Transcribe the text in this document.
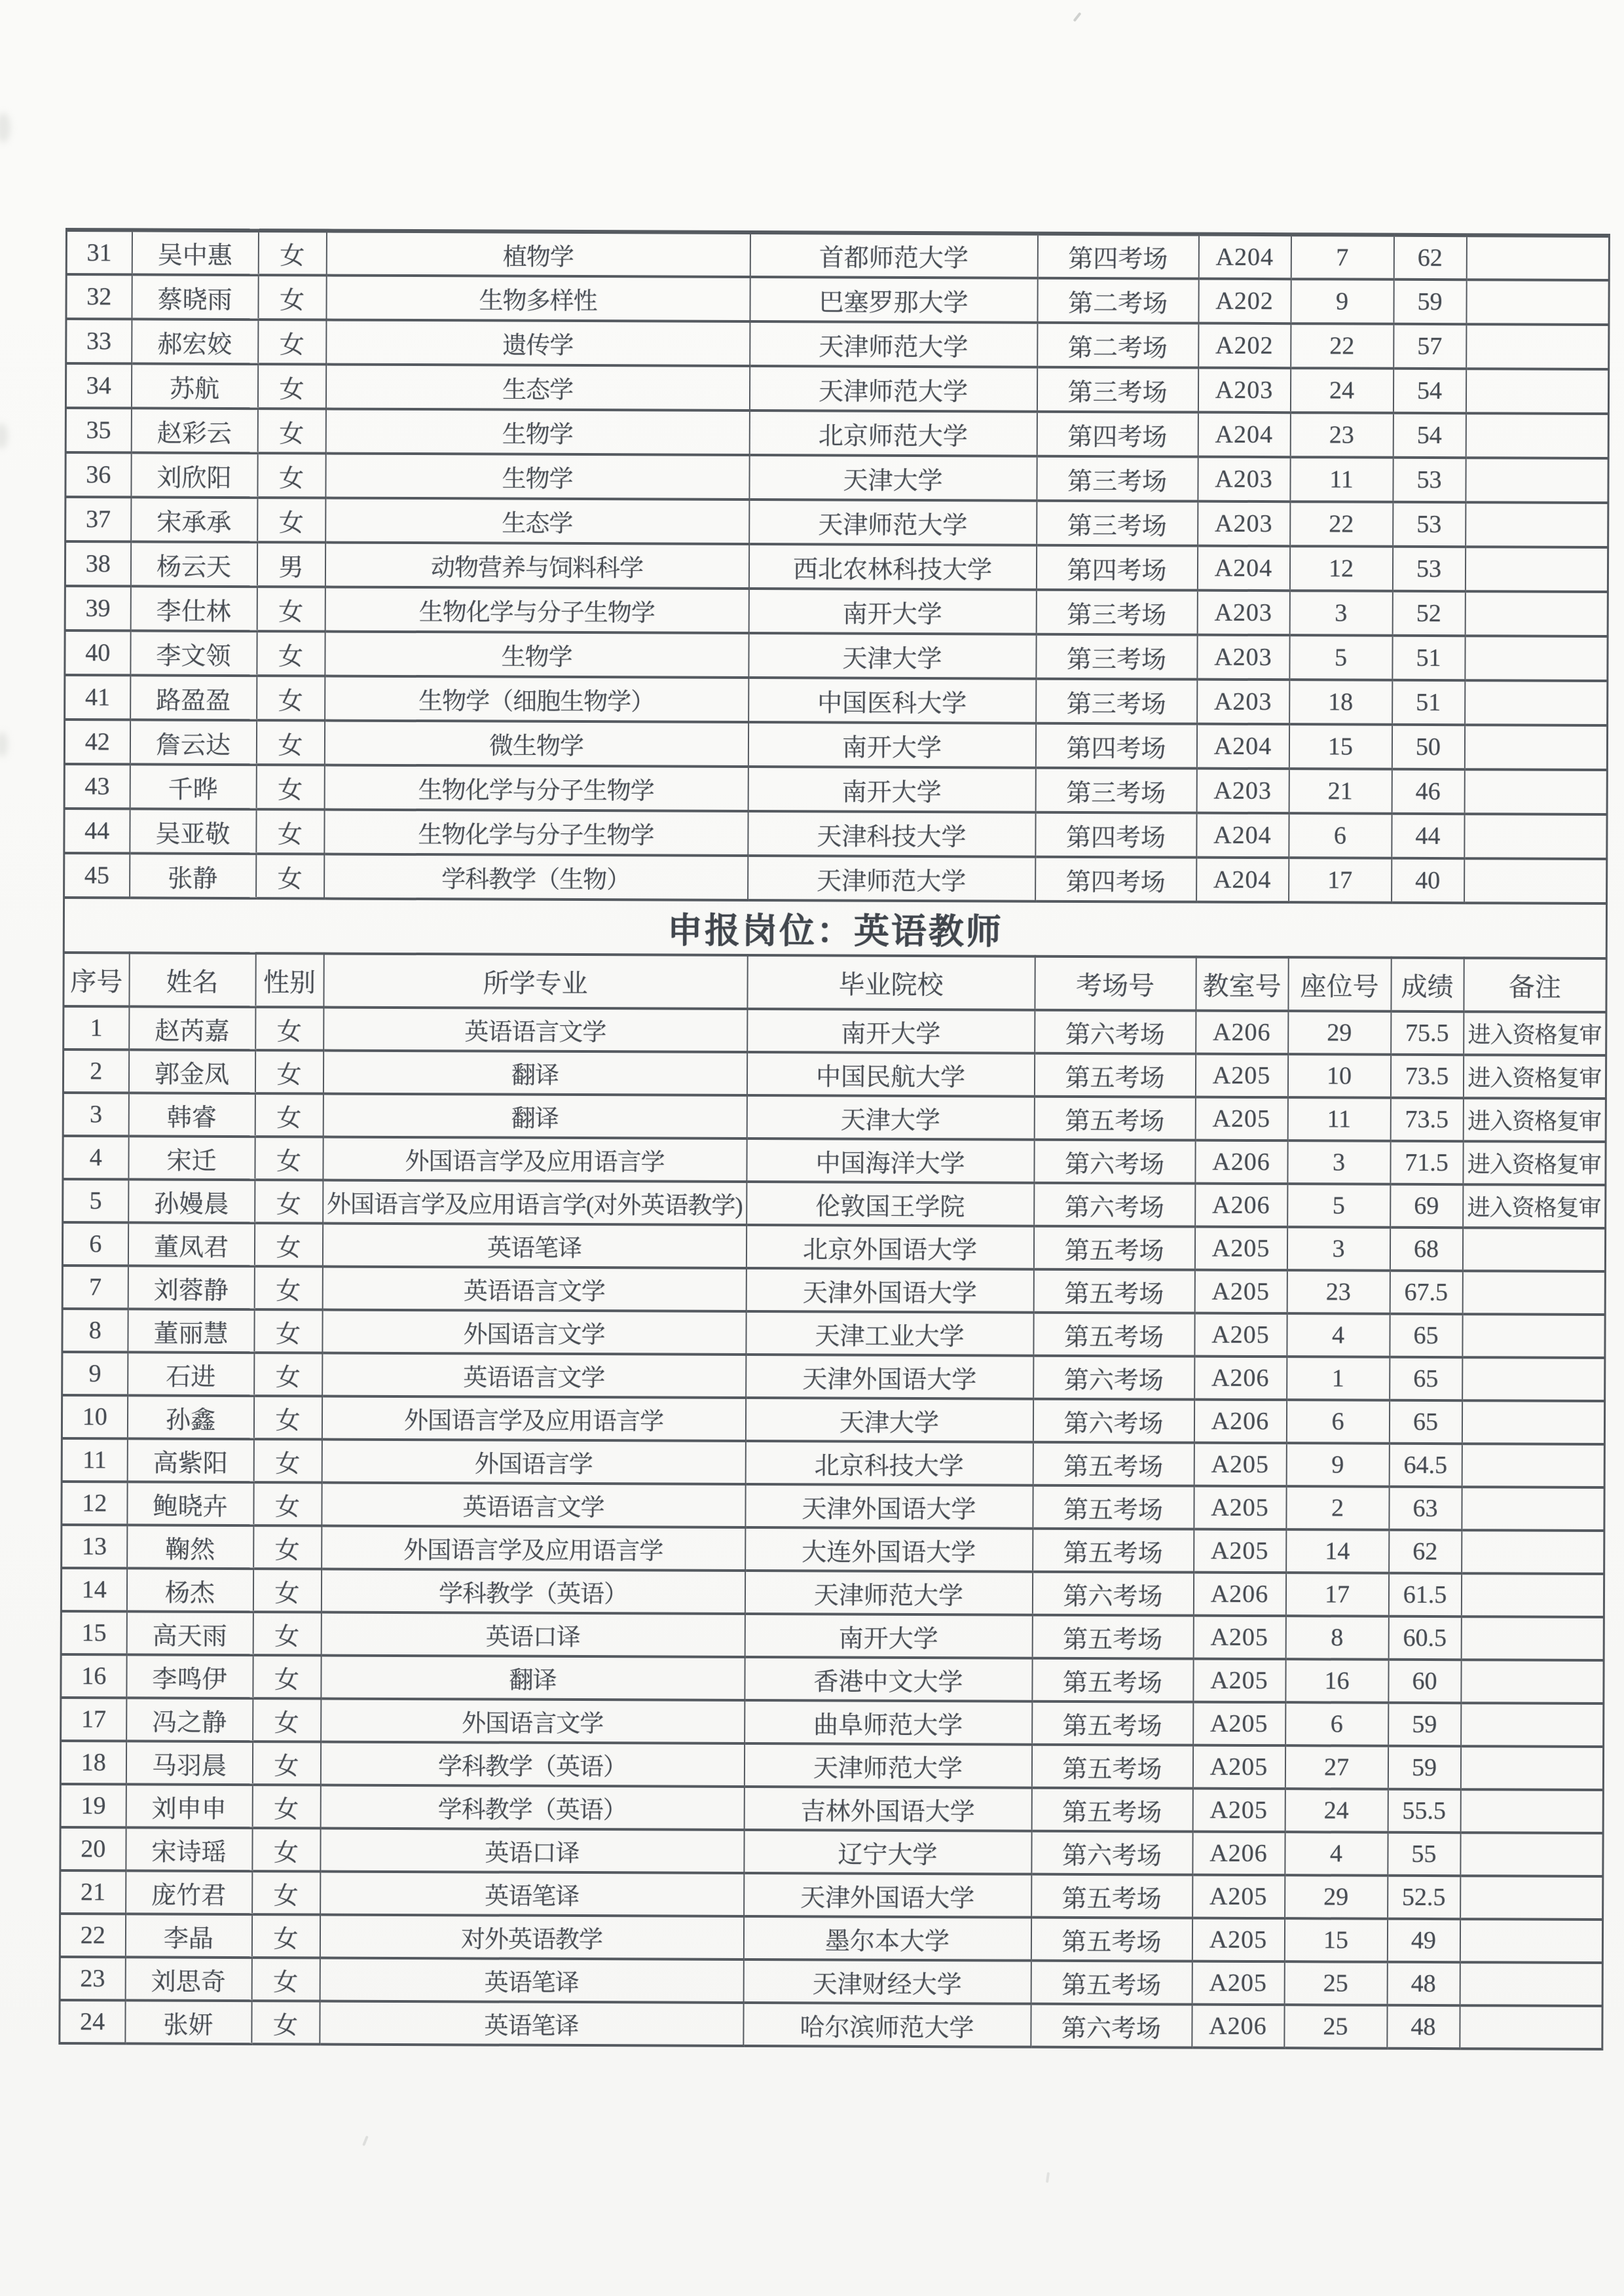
31	吴中惠	女	植物学	首都师范大学	第四考场	A204	7	62	
32	蔡晓雨	女	生物多样性	巴塞罗那大学	第二考场	A202	9	59	
33	郝宏姣	女	遗传学	天津师范大学	第二考场	A202	22	57	
34	苏航	女	生态学	天津师范大学	第三考场	A203	24	54	
35	赵彩云	女	生物学	北京师范大学	第四考场	A204	23	54	
36	刘欣阳	女	生物学	天津大学	第三考场	A203	11	53	
37	宋承承	女	生态学	天津师范大学	第三考场	A203	22	53	
38	杨云天	男	动物营养与饲料科学	西北农林科技大学	第四考场	A204	12	53	
39	李仕林	女	生物化学与分子生物学	南开大学	第三考场	A203	3	52	
40	李文领	女	生物学	天津大学	第三考场	A203	5	51	
41	路盈盈	女	生物学（细胞生物学）	中国医科大学	第三考场	A203	18	51	
42	詹云达	女	微生物学	南开大学	第四考场	A204	15	50	
43	千晔	女	生物化学与分子生物学	南开大学	第三考场	A203	21	46	
44	吴亚敬	女	生物化学与分子生物学	天津科技大学	第四考场	A204	6	44	
45	张静	女	学科教学（生物）	天津师范大学	第四考场	A204	17	40	
申报岗位：英语教师									
序号	姓名	性别	所学专业	毕业院校	考场号	教室号	座位号	成绩	备注
1	赵芮嘉	女	英语语言文学	南开大学	第六考场	A206	29	75.5	进入资格复审
2	郭金凤	女	翻译	中国民航大学	第五考场	A205	10	73.5	进入资格复审
3	韩睿	女	翻译	天津大学	第五考场	A205	11	73.5	进入资格复审
4	宋迁	女	外国语言学及应用语言学	中国海洋大学	第六考场	A206	3	71.5	进入资格复审
5	孙嫚晨	女	外国语言学及应用语言学(对外英语教学)	伦敦国王学院	第六考场	A206	5	69	进入资格复审
6	董凤君	女	英语笔译	北京外国语大学	第五考场	A205	3	68	
7	刘蓉静	女	英语语言文学	天津外国语大学	第五考场	A205	23	67.5	
8	董丽慧	女	外国语言文学	天津工业大学	第五考场	A205	4	65	
9	石进	女	英语语言文学	天津外国语大学	第六考场	A206	1	65	
10	孙鑫	女	外国语言学及应用语言学	天津大学	第六考场	A206	6	65	
11	高紫阳	女	外国语言学	北京科技大学	第五考场	A205	9	64.5	
12	鲍晓卉	女	英语语言文学	天津外国语大学	第五考场	A205	2	63	
13	鞠然	女	外国语言学及应用语言学	大连外国语大学	第五考场	A205	14	62	
14	杨杰	女	学科教学（英语）	天津师范大学	第六考场	A206	17	61.5	
15	高天雨	女	英语口译	南开大学	第五考场	A205	8	60.5	
16	李鸣伊	女	翻译	香港中文大学	第五考场	A205	16	60	
17	冯之静	女	外国语言文学	曲阜师范大学	第五考场	A205	6	59	
18	马羽晨	女	学科教学（英语）	天津师范大学	第五考场	A205	27	59	
19	刘申申	女	学科教学（英语）	吉林外国语大学	第五考场	A205	24	55.5	
20	宋诗瑶	女	英语口译	辽宁大学	第六考场	A206	4	55	
21	庞竹君	女	英语笔译	天津外国语大学	第五考场	A205	29	52.5	
22	李晶	女	对外英语教学	墨尔本大学	第五考场	A205	15	49	
23	刘思奇	女	英语笔译	天津财经大学	第五考场	A205	25	48	
24	张妍	女	英语笔译	哈尔滨师范大学	第六考场	A206	25	48	
